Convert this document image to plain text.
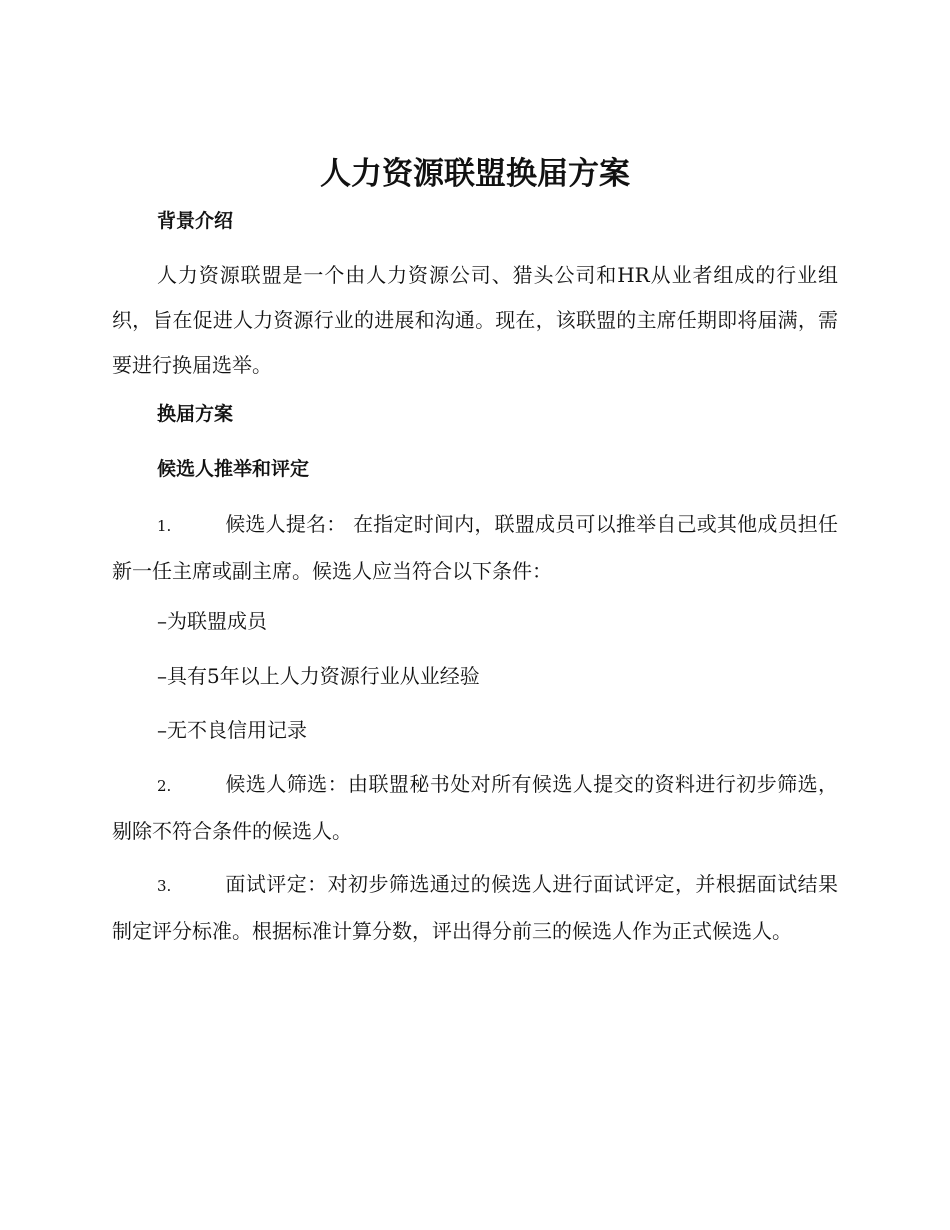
人力资源联盟换届方案
背景介绍

人力资源联盟是一个由人力资源公司、猎头公司和HR从业者组成的行业组织，旨在促进人力资源行业的进展和沟通。现在，该联盟的主席任期即将届满，需要进行换届选举。

换届方案
候选人推举和评定

1.	候选人提名： 在指定时间内，联盟成员可以推举自己或其他成员担任新一任主席或副主席。候选人应当符合以下条件：

–为联盟成员

–具有5年以上人力资源行业从业经验

–无不良信用记录

2.	候选人筛选：由联盟秘书处对所有候选人提交的资料进行初步筛选，剔除不符合条件的候选人。

3.	面试评定：对初步筛选通过的候选人进行面试评定，并根据面试结果制定评分标准。根据标准计算分数，评出得分前三的候选人作为正式候选人。
